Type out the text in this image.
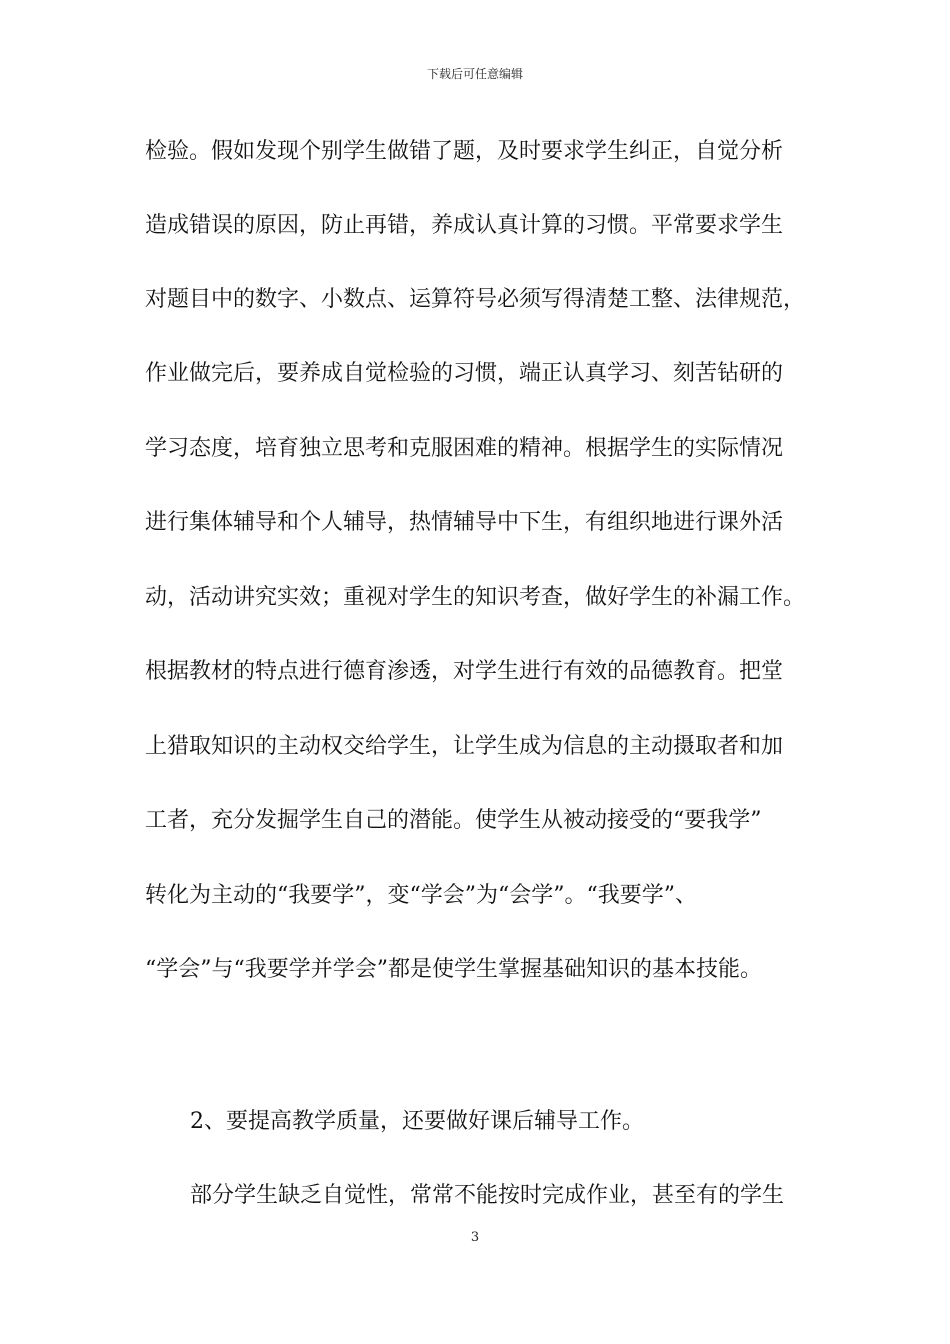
下载后可任意编辑
检验。假如发现个别学生做错了题，及时要求学生纠正，自觉分析
造成错误的原因，防止再错，养成认真计算的习惯。平常要求学生
对题目中的数字、小数点、运算符号必须写得清楚工整、法律规范，
作业做完后，要养成自觉检验的习惯，端正认真学习、刻苦钻研的
学习态度，培育独立思考和克服困难的精神。根据学生的实际情况
进行集体辅导和个人辅导，热情辅导中下生，有组织地进行课外活
动，活动讲究实效；重视对学生的知识考查，做好学生的补漏工作。
根据教材的特点进行德育渗透，对学生进行有效的品德教育。把堂
上猎取知识的主动权交给学生，让学生成为信息的主动摄取者和加
工者，充分发掘学生自己的潜能。使学生从被动接受的“要我学”
转化为主动的“我要学”，变“学会”为“会学”。“我要学”、
“学会”与“我要学并学会”都是使学生掌握基础知识的基本技能。
2、要提高教学质量，还要做好课后辅导工作。
部分学生缺乏自觉性，常常不能按时完成作业，甚至有的学生
3
